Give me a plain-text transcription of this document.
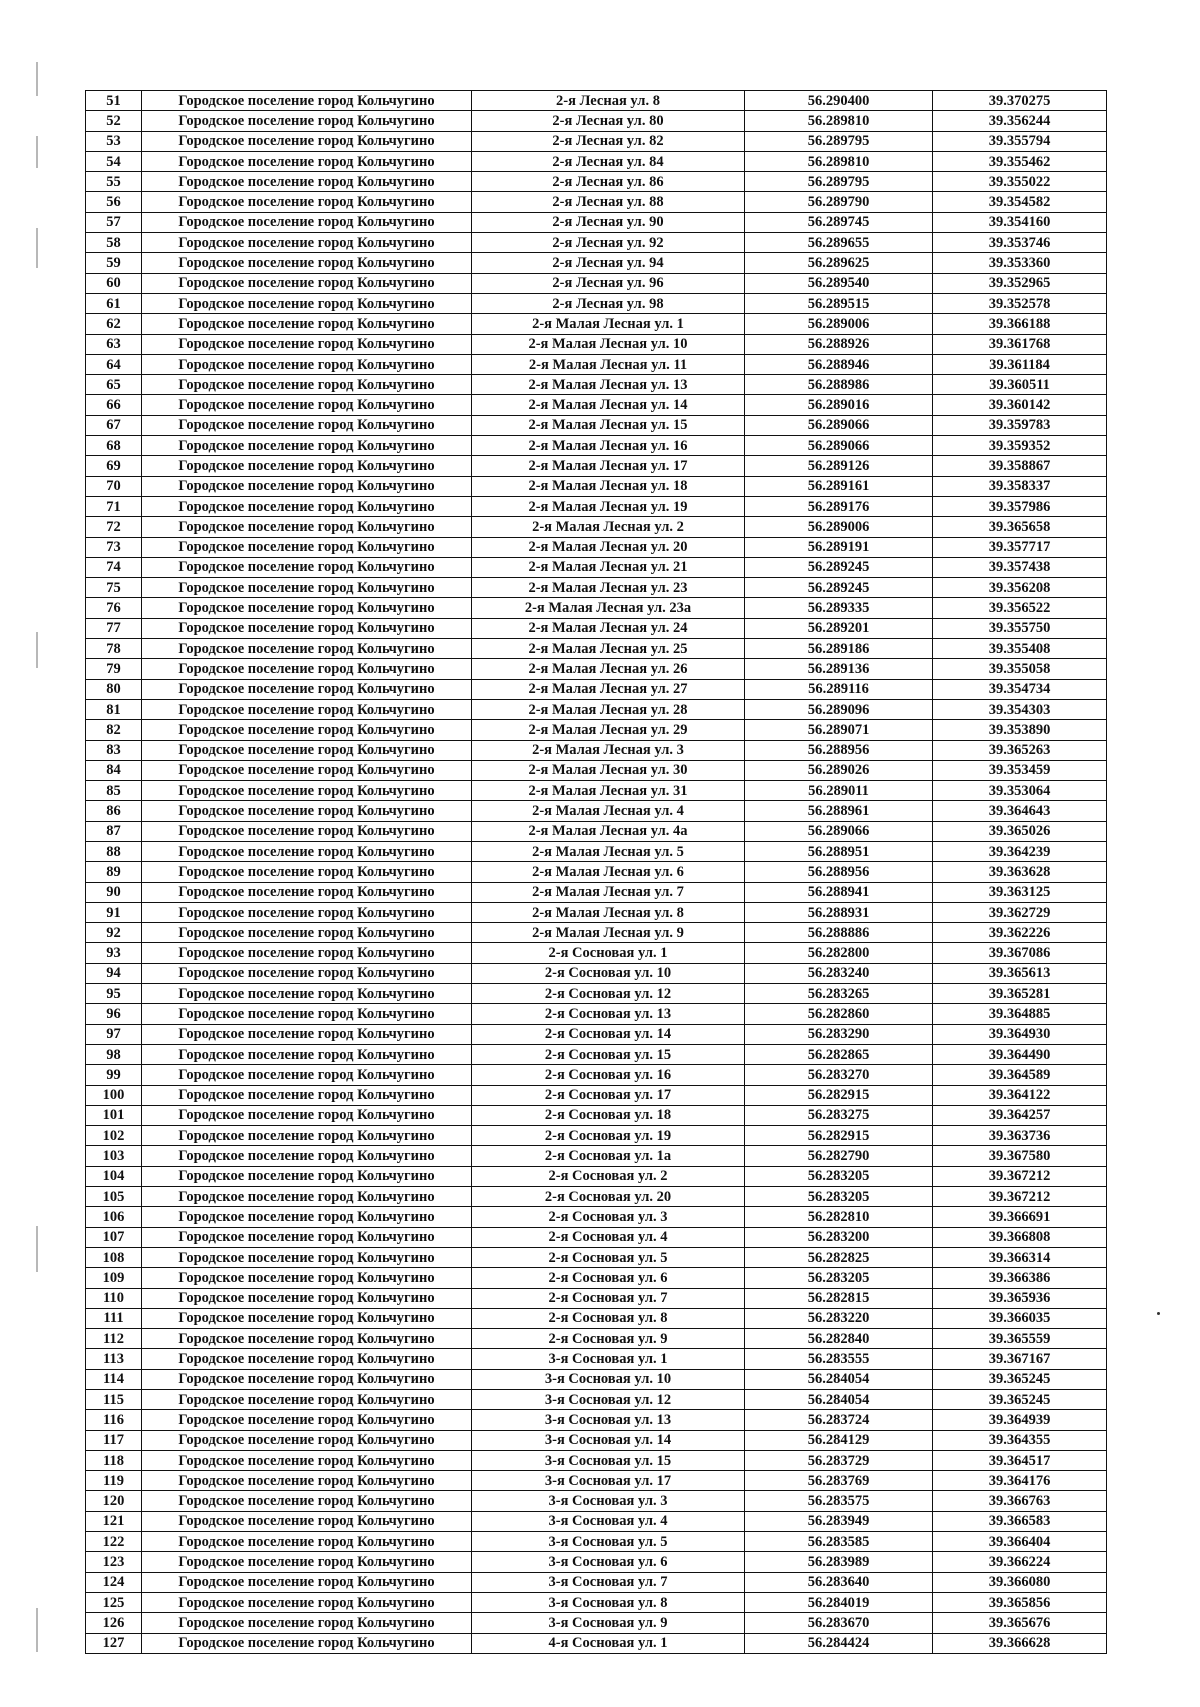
51	Городское поселение город Кольчугино	2-я Лесная ул. 8	56.290400	39.370275
52	Городское поселение город Кольчугино	2-я Лесная ул. 80	56.289810	39.356244
53	Городское поселение город Кольчугино	2-я Лесная ул. 82	56.289795	39.355794
54	Городское поселение город Кольчугино	2-я Лесная ул. 84	56.289810	39.355462
55	Городское поселение город Кольчугино	2-я Лесная ул. 86	56.289795	39.355022
56	Городское поселение город Кольчугино	2-я Лесная ул. 88	56.289790	39.354582
57	Городское поселение город Кольчугино	2-я Лесная ул. 90	56.289745	39.354160
58	Городское поселение город Кольчугино	2-я Лесная ул. 92	56.289655	39.353746
59	Городское поселение город Кольчугино	2-я Лесная ул. 94	56.289625	39.353360
60	Городское поселение город Кольчугино	2-я Лесная ул. 96	56.289540	39.352965
61	Городское поселение город Кольчугино	2-я Лесная ул. 98	56.289515	39.352578
62	Городское поселение город Кольчугино	2-я Малая Лесная ул. 1	56.289006	39.366188
63	Городское поселение город Кольчугино	2-я Малая Лесная ул. 10	56.288926	39.361768
64	Городское поселение город Кольчугино	2-я Малая Лесная ул. 11	56.288946	39.361184
65	Городское поселение город Кольчугино	2-я Малая Лесная ул. 13	56.288986	39.360511
66	Городское поселение город Кольчугино	2-я Малая Лесная ул. 14	56.289016	39.360142
67	Городское поселение город Кольчугино	2-я Малая Лесная ул. 15	56.289066	39.359783
68	Городское поселение город Кольчугино	2-я Малая Лесная ул. 16	56.289066	39.359352
69	Городское поселение город Кольчугино	2-я Малая Лесная ул. 17	56.289126	39.358867
70	Городское поселение город Кольчугино	2-я Малая Лесная ул. 18	56.289161	39.358337
71	Городское поселение город Кольчугино	2-я Малая Лесная ул. 19	56.289176	39.357986
72	Городское поселение город Кольчугино	2-я Малая Лесная ул. 2	56.289006	39.365658
73	Городское поселение город Кольчугино	2-я Малая Лесная ул. 20	56.289191	39.357717
74	Городское поселение город Кольчугино	2-я Малая Лесная ул. 21	56.289245	39.357438
75	Городское поселение город Кольчугино	2-я Малая Лесная ул. 23	56.289245	39.356208
76	Городское поселение город Кольчугино	2-я Малая Лесная ул. 23а	56.289335	39.356522
77	Городское поселение город Кольчугино	2-я Малая Лесная ул. 24	56.289201	39.355750
78	Городское поселение город Кольчугино	2-я Малая Лесная ул. 25	56.289186	39.355408
79	Городское поселение город Кольчугино	2-я Малая Лесная ул. 26	56.289136	39.355058
80	Городское поселение город Кольчугино	2-я Малая Лесная ул. 27	56.289116	39.354734
81	Городское поселение город Кольчугино	2-я Малая Лесная ул. 28	56.289096	39.354303
82	Городское поселение город Кольчугино	2-я Малая Лесная ул. 29	56.289071	39.353890
83	Городское поселение город Кольчугино	2-я Малая Лесная ул. 3	56.288956	39.365263
84	Городское поселение город Кольчугино	2-я Малая Лесная ул. 30	56.289026	39.353459
85	Городское поселение город Кольчугино	2-я Малая Лесная ул. 31	56.289011	39.353064
86	Городское поселение город Кольчугино	2-я Малая Лесная ул. 4	56.288961	39.364643
87	Городское поселение город Кольчугино	2-я Малая Лесная ул. 4а	56.289066	39.365026
88	Городское поселение город Кольчугино	2-я Малая Лесная ул. 5	56.288951	39.364239
89	Городское поселение город Кольчугино	2-я Малая Лесная ул. 6	56.288956	39.363628
90	Городское поселение город Кольчугино	2-я Малая Лесная ул. 7	56.288941	39.363125
91	Городское поселение город Кольчугино	2-я Малая Лесная ул. 8	56.288931	39.362729
92	Городское поселение город Кольчугино	2-я Малая Лесная ул. 9	56.288886	39.362226
93	Городское поселение город Кольчугино	2-я Сосновая ул. 1	56.282800	39.367086
94	Городское поселение город Кольчугино	2-я Сосновая ул. 10	56.283240	39.365613
95	Городское поселение город Кольчугино	2-я Сосновая ул. 12	56.283265	39.365281
96	Городское поселение город Кольчугино	2-я Сосновая ул. 13	56.282860	39.364885
97	Городское поселение город Кольчугино	2-я Сосновая ул. 14	56.283290	39.364930
98	Городское поселение город Кольчугино	2-я Сосновая ул. 15	56.282865	39.364490
99	Городское поселение город Кольчугино	2-я Сосновая ул. 16	56.283270	39.364589
100	Городское поселение город Кольчугино	2-я Сосновая ул. 17	56.282915	39.364122
101	Городское поселение город Кольчугино	2-я Сосновая ул. 18	56.283275	39.364257
102	Городское поселение город Кольчугино	2-я Сосновая ул. 19	56.282915	39.363736
103	Городское поселение город Кольчугино	2-я Сосновая ул. 1а	56.282790	39.367580
104	Городское поселение город Кольчугино	2-я Сосновая ул. 2	56.283205	39.367212
105	Городское поселение город Кольчугино	2-я Сосновая ул. 20	56.283205	39.367212
106	Городское поселение город Кольчугино	2-я Сосновая ул. 3	56.282810	39.366691
107	Городское поселение город Кольчугино	2-я Сосновая ул. 4	56.283200	39.366808
108	Городское поселение город Кольчугино	2-я Сосновая ул. 5	56.282825	39.366314
109	Городское поселение город Кольчугино	2-я Сосновая ул. 6	56.283205	39.366386
110	Городское поселение город Кольчугино	2-я Сосновая ул. 7	56.282815	39.365936
111	Городское поселение город Кольчугино	2-я Сосновая ул. 8	56.283220	39.366035
112	Городское поселение город Кольчугино	2-я Сосновая ул. 9	56.282840	39.365559
113	Городское поселение город Кольчугино	3-я Сосновая ул. 1	56.283555	39.367167
114	Городское поселение город Кольчугино	3-я Сосновая ул. 10	56.284054	39.365245
115	Городское поселение город Кольчугино	3-я Сосновая ул. 12	56.284054	39.365245
116	Городское поселение город Кольчугино	3-я Сосновая ул. 13	56.283724	39.364939
117	Городское поселение город Кольчугино	3-я Сосновая ул. 14	56.284129	39.364355
118	Городское поселение город Кольчугино	3-я Сосновая ул. 15	56.283729	39.364517
119	Городское поселение город Кольчугино	3-я Сосновая ул. 17	56.283769	39.364176
120	Городское поселение город Кольчугино	3-я Сосновая ул. 3	56.283575	39.366763
121	Городское поселение город Кольчугино	3-я Сосновая ул. 4	56.283949	39.366583
122	Городское поселение город Кольчугино	3-я Сосновая ул. 5	56.283585	39.366404
123	Городское поселение город Кольчугино	3-я Сосновая ул. 6	56.283989	39.366224
124	Городское поселение город Кольчугино	3-я Сосновая ул. 7	56.283640	39.366080
125	Городское поселение город Кольчугино	3-я Сосновая ул. 8	56.284019	39.365856
126	Городское поселение город Кольчугино	3-я Сосновая ул. 9	56.283670	39.365676
127	Городское поселение город Кольчугино	4-я Сосновая ул. 1	56.284424	39.366628
